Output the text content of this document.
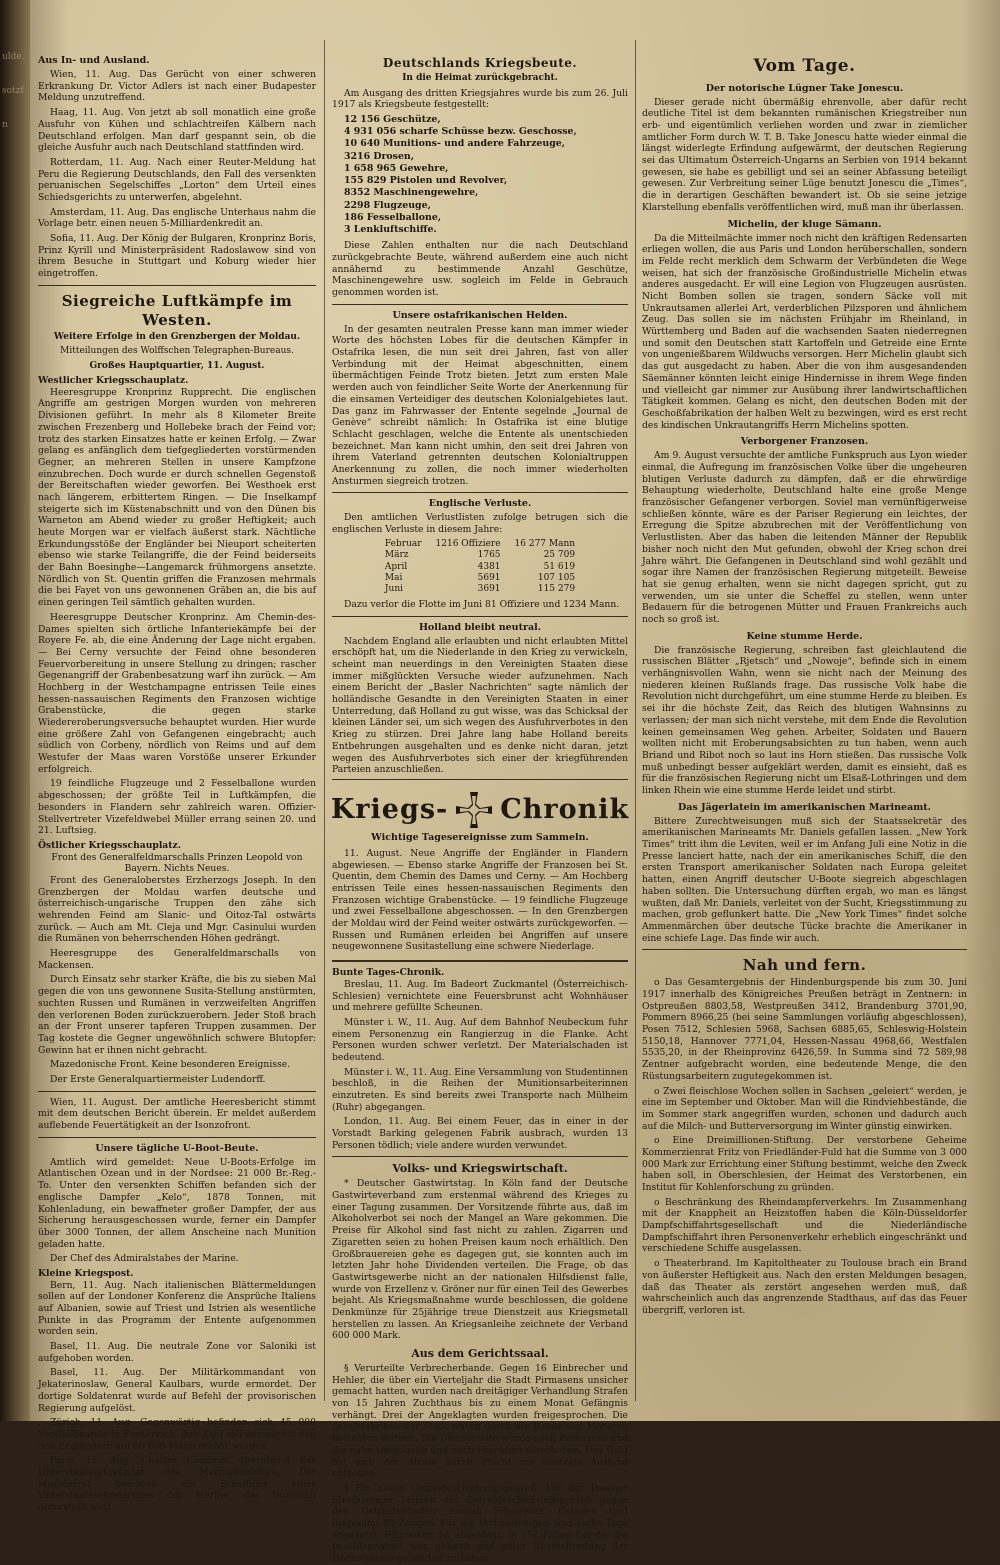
ulde.sotzfn
Aus In- und Ausland.

Wien, 11. Aug. Das Gerücht von einer schweren Erkrankung Dr. Victor Adlers ist nach einer Budapester Meldung unzutreffend.

Haag, 11. Aug. Von jetzt ab soll monatlich eine große Ausfuhr von Kühen und schlachtreifen Kälbern nach Deutschland erfolgen. Man darf gespannt sein, ob die gleiche Ausfuhr auch nach Deutschland stattfinden wird.

Rotterdam, 11. Aug. Nach einer Reuter-Meldung hat Peru die Regierung Deutschlands, den Fall des versenkten peruanischen Segelschiffes „Lorton“ dem Urteil eines Schiedsgerichts zu unterwerfen, abgelehnt.

Amsterdam, 11. Aug. Das englische Unterhaus nahm die Vorlage betr. einen neuen 5-Milliardenkredit an.

Sofia, 11. Aug. Der König der Bulgaren, Kronprinz Boris, Prinz Kyrill und Ministerpräsident Radoslawow sind von ihrem Besuche in Stuttgart und Koburg wieder hier eingetroffen.

Siegreiche Luftkämpfe im Westen.
Weitere Erfolge in den Grenzbergen der Moldau.
Mitteilungen des Wolffschen Telegraphen-Bureaus.
Großes Hauptquartier, 11. August.
Westlicher Kriegsschauplatz.

Heeresgruppe Kronprinz Rupprecht. Die englischen Angriffe am gestrigen Morgen wurden von mehreren Divisionen geführt. In mehr als 8 Kilometer Breite zwischen Frezenberg und Hollebeke brach der Feind vor; trotz des starken Einsatzes hatte er keinen Erfolg. — Zwar gelang es anfänglich dem tiefgegliederten vorstürmenden Gegner, an mehreren Stellen in unsere Kampfzone einzubrechen. Doch wurde er durch schnellen Gegenstoß der Bereitschaften wieder geworfen. Bei Westhoek erst nach längerem, erbittertem Ringen. — Die Inselkampf steigerte sich im Küstenabschnitt und von den Dünen bis Warneton am Abend wieder zu großer Heftigkeit; auch heute Morgen war er vielfach äußerst stark. Nächtliche Erkundungsstöße der Engländer bei Nieuport scheiterten ebenso wie starke Teilangriffe, die der Feind beiderseits der Bahn Boesinghe—Langemarck frühmorgens ansetzte. Nördlich von St. Quentin griffen die Franzosen mehrmals die bei Fayet von uns gewonnenen Gräben an, die bis auf einen geringen Teil sämtlich gehalten wurden.

Heeresgruppe Deutscher Kronprinz. Am Chemin-des-Dames spielten sich örtliche Infanteriekämpfe bei der Royere Fe. ab, die eine Änderung der Lage nicht ergaben. — Bei Cerny versuchte der Feind ohne besonderen Feuervorbereitung in unsere Stellung zu dringen; rascher Gegenangriff der Grabenbesatzung warf ihn zurück. — Am Hochberg in der Westchampagne entrissen Teile eines hessen-nassauischen Regiments den Franzosen wichtige Grabenstücke, die gegen starke Wiedereroberungsversuche behauptet wurden. Hier wurde eine größere Zahl von Gefangenen eingebracht; auch südlich von Corbeny, nördlich von Reims und auf dem Westufer der Maas waren Vorstöße unserer Erkunder erfolgreich.

19 feindliche Flugzeuge und 2 Fesselballone wurden abgeschossen; der größte Teil in Luftkämpfen, die besonders in Flandern sehr zahlreich waren. Offizier-Stellvertreter Vizefeldwebel Müller errang seinen 20. und 21. Luftsieg.

Östlicher Kriegsschauplatz.
Front des Generalfeldmarschalls Prinzen Leopold von Bayern. Nichts Neues.

Front des Generaloberstes Erzherzogs Joseph. In den Grenzbergen der Moldau warfen deutsche und österreichisch-ungarische Truppen den zähe sich wehrenden Feind am Slanic- und Oitoz-Tal ostwärts zurück. — Auch am Mt. Cleja und Mgr. Casinului wurden die Rumänen von beherrschenden Höhen gedrängt.

Heeresgruppe des Generalfeldmarschalls von Mackensen.

Durch Einsatz sehr starker Kräfte, die bis zu sieben Mal gegen die von uns gewonnene Susita-Stellung anstürmten, suchten Russen und Rumänen in verzweifelten Angriffen den verlorenen Boden zurückzuerobern. Jeder Stoß brach an der Front unserer tapferen Truppen zusammen. Der Tag kostete die Gegner ungewöhnlich schwere Blutopfer: Gewinn hat er ihnen nicht gebracht.

Mazedonische Front. Keine besonderen Ereignisse.

Der Erste Generalquartiermeister Ludendorff.

Wien, 11. August. Der amtliche Heeresbericht stimmt mit dem deutschen Bericht überein. Er meldet außerdem auflebende Feuertätigkeit an der Isonzofront.

Unsere tägliche U-Boot-Beute.

Amtlich wird gemeldet: Neue U-Boots-Erfolge im Atlantischen Ozean und in der Nordsee: 21 000 Br.-Reg.-To. Unter den versenkten Schiffen befanden sich der englische Dampfer „Kelo“, 1878 Tonnen, mit Kohlenladung, ein bewaffneter großer Dampfer, der aus Sicherung herausgeschossen wurde, ferner ein Dampfer über 3000 Tonnen, der allem Anscheine nach Munition geladen hatte.

Der Chef des Admiralstabes der Marine.

Kleine Kriegspost.

Bern, 11. Aug. Nach italienischen Blättermeldungen sollen auf der Londoner Konferenz die Ansprüche Italiens auf Albanien, sowie auf Triest und Istrien als wesentliche Punkte in das Programm der Entente aufgenommen worden sein.

Basel, 11. Aug. Die neutrale Zone vor Saloniki ist aufgehoben worden.

Basel, 11. Aug. Der Militärkommandant von Jekaterinoslaw, General Kaulbars, wurde ermordet. Der dortige Soldatenrat wurde auf Befehl der provisorischen Regierung aufgelöst.

Zürich, 11. Aug. Gegenwärtig befinden sich 45 000 Vorsteilbeamte in Frankreich, ihre Zahl soll demnächst von den Engländern auf 60 000 Mann erhöht werden.

Paris, 11. Aug. Charles Chaumet übernimmt das Unterstaatssekretariat des Marineministers. Der Ministerrat beschloß die Schaffung eines Unterstaatssekretariates der Marine, das Dumesnil unterstellt wird.

Deutschlands Kriegsbeute.
In die Heimat zurückgebracht.

Am Ausgang des dritten Kriegsjahres wurde bis zum 26. Juli 1917 als Kriegsbeute festgestellt:

12 156 Geschütze,
4 931 056 scharfe Schüsse bezw. Geschosse,
10 640 Munitions- und andere Fahrzeuge,
3216 Drosen,
1 658 965 Gewehre,
155 829 Pistolen und Revolver,
8352 Maschinengewehre,
2298 Flugzeuge,
186 Fesselballone,
3 Lenkluftschiffe.

Diese Zahlen enthalten nur die nach Deutschland zurückgebrachte Beute, während außerdem eine auch nicht annähernd zu bestimmende Anzahl Geschütze, Maschinengewehre usw. sogleich im Felde in Gebrauch genommen worden ist.

Unsere ostafrikanischen Helden.

In der gesamten neutralen Presse kann man immer wieder Worte des höchsten Lobes für die deutschen Kämpfer in Ostafrika lesen, die nun seit drei Jahren, fast von aller Verbindung mit der Heimat abgeschnitten, einem übermächtigen Feinde Trotz bieten. Jetzt zum ersten Male werden auch von feindlicher Seite Worte der Anerkennung für die einsamen Verteidiger des deutschen Kolonialgebietes laut. Das ganz im Fahrwasser der Entente segelnde „Journal de Genève“ schreibt nämlich: In Ostafrika ist eine blutige Schlacht geschlagen, welche die Entente als unentschieden bezeichnet. Man kann nicht umhin, den seit drei Jahren von ihrem Vaterland getrennten deutschen Kolonialtruppen Anerkennung zu zollen, die noch immer wiederholten Ansturmen siegreich trotzen.

Englische Verluste.

Den amtlichen Verlustlisten zufolge betrugen sich die englischen Verluste in diesem Jahre:

Februar	1216 Offiziere	16 277 Mann
März	1765	25 709
April	4381	51 619
Mai	5691	107 105
Juni	3691	115 279

Dazu verlor die Flotte im Juni 81 Offiziere und 1234 Mann.

Holland bleibt neutral.

Nachdem England alle erlaubten und nicht erlaubten Mittel erschöpft hat, um die Niederlande in den Krieg zu verwickeln, scheint man neuerdings in den Vereinigten Staaten diese immer mißglückten Versuche wieder aufzunehmen. Nach einem Bericht der „Basler Nachrichten“ sagte nämlich der holländische Gesandte in den Vereinigten Staaten in einer Unterredung, daß Holland zu gut wisse, was das Schicksal der kleinen Länder sei, um sich wegen des Ausfuhrverbotes in den Krieg zu stürzen. Drei Jahre lang habe Holland bereits Entbehrungen ausgehalten und es denke nicht daran, jetzt wegen des Ausfuhrverbotes sich einer der kriegführenden Parteien anzuschließen.

Kriegs- Chronik
Wichtige Tagesereignisse zum Sammeln.

11. August. Neue Angriffe der Engländer in Flandern abgewiesen. — Ebenso starke Angriffe der Franzosen bei St. Quentin, dem Chemin des Dames und Cerny. — Am Hochberg entrissen Teile eines hessen-nassauischen Regiments den Franzosen wichtige Grabenstücke. — 19 feindliche Flugzeuge und zwei Fesselballone abgeschossen. — In den Grenzbergen der Moldau wird der Feind weiter ostwärts zurückgeworfen. — Russen und Rumänen erleiden bei Angriffen auf unsere neugewonnene Susitastellung eine schwere Niederlage.

Bunte Tages-Chronik.

Breslau, 11. Aug. Im Badeort Zuckmantel (Österreichisch-Schlesien) vernichtete eine Feuersbrunst acht Wohnhäuser und mehrere gefüllte Scheunen.

Münster i. W., 11. Aug. Auf dem Bahnhof Neubeckum fuhr einem Personenzug ein Rangierzug in die Flanke. Acht Personen wurden schwer verletzt. Der Materialschaden ist bedeutend.

Münster i. W., 11. Aug. Eine Versammlung von Studentinnen beschloß, in die Reihen der Munitionsarbeiterinnen einzutreten. Es sind bereits zwei Transporte nach Mülheim (Ruhr) abgegangen.

London, 11. Aug. Bei einem Feuer, das in einer in der Vorstadt Barking gelegenen Fabrik ausbrach, wurden 13 Personen tödlich; viele andere wurden verwundet.

Volks- und Kriegswirtschaft.

* Deutscher Gastwirtstag. In Köln fand der Deutsche Gastwirteverband zum erstenmal während des Krieges zu einer Tagung zusammen. Der Vorsitzende führte aus, daß im Alkoholverbot sei noch der Mangel an Ware gekommen. Die Preise für Alkohol sind fast nicht zu zahlen. Zigarren und Zigaretten seien zu hohen Preisen kaum noch erhältlich. Den Großbrauereien gehe es dagegen gut, sie konnten auch im letzten Jahr hohe Dividenden verteilen. Die Frage, ob das Gastwirtsgewerbe nicht an der nationalen Hilfsdienst falle, wurde von Erzellenz v. Gröner nur für einen Teil des Gewerbes bejaht. Als Kriegsmaßnahme wurde beschlossen, die goldene Denkmünze für 25jährige treue Dienstzeit aus Kriegsmetall herstellen zu lassen. An Kriegsanleihe zeichnete der Verband 600 000 Mark.

Aus dem Gerichtssaal.

§ Verurteilte Verbrecherbande. Gegen 16 Einbrecher und Hehler, die über ein Vierteljahr die Stadt Pirmasens unsicher gemacht hatten, wurden nach dreitägiger Verhandlung Strafen von 15 Jahren Zuchthaus bis zu einem Monat Gefängnis verhängt. Drei der Angeklagten wurden freigesprochen. Die Schuhfabriken der Stadt waren durch die Bande seit Monaten bestohlen worden. Die Diebesbeute wurde nach Pirmasens und die nahe Umgebung und nach Frankfurt verschoben. Das Geld hat sich der Strafe durch Flucht ins neutrale Ausland entzogen.

§ Ein neuer Getreideschiebungsprozeß. Vor der Posener Strafkammer begann der Getreideschiebungsprozeß gegen den Getreidehändler Roman Filipiewicz. Geladen sind insgesamt 80 Zeugen. Für die Verhandlungen sind sechs Tage angesetzt. Filipiewicz ist angeklagt, in 152 Fällen Gerste, die beschlagnahmt war, gekauft und unter Überschreitung der Höchstpreise gehandelt zu haben.

Vom Tage.
Der notorische Lügner Take Jonescu.

Dieser gerade nicht übermäßig ehrenvolle, aber dafür recht deutliche Titel ist dem bekannten rumänischen Kriegstreiber nun erb- und eigentümlich verliehen worden und zwar in ziemlicher amtlicher Form durch W. T. B. Take Jonescu hatte wieder einmal die längst widerlegte Erfindung aufgewärmt, der deutschen Regierung sei das Ultimatum Österreich-Ungarns an Serbien von 1914 bekannt gewesen, sie habe es gebilligt und sei an seiner Abfassung beteiligt gewesen. Zur Verbreitung seiner Lüge benutzt Jonescu die „Times“, die in derartigen Geschäften bewandert ist. Ob sie seine jetzige Klarstellung ebenfalls veröffentlichen wird, muß man ihr überlassen.

Michelin, der kluge Sämann.

Da die Mitteilmächte immer noch nicht den kräftigen Redensarten erliegen wollen, die aus Paris und London herüberschallen, sondern im Felde recht merklich dem Schwarm der Verbündeten die Wege weisen, hat sich der französische Großindustrielle Michelin etwas anderes ausgedacht. Er will eine Legion von Flugzeugen ausrüsten. Nicht Bomben sollen sie tragen, sondern Säcke voll mit Unkrautsamen allerlei Art, verderblichen Pilzsporen und ähnlichem Zeug. Das sollen sie im nächsten Frühjahr im Rheinland, in Württemberg und Baden auf die wachsenden Saaten niederregnen und somit den Deutschen statt Kartoffeln und Getreide eine Ernte von ungenießbarem Wildwuchs versorgen. Herr Michelin glaubt sich das gut ausgedacht zu haben. Aber die von ihm ausgesandenden Säemänner könnten leicht einige Hindernisse in ihrem Wege finden und vielleicht gar nimmer zur Ausübung ihrer landwirtschaftlichen Tätigkeit kommen. Gelang es nicht, den deutschen Boden mit der Geschoßfabrikation der halben Welt zu bezwingen, wird es erst recht des kindischen Unkrautangriffs Herrn Michelins spotten.

Verborgener Franzosen.

Am 9. August versuchte der amtliche Funkspruch aus Lyon wieder einmal, die Aufregung im französischen Volke über die ungeheuren blutigen Verluste dadurch zu dämpfen, daß er die ehrwürdige Behauptung wiederholte, Deutschland halte eine große Menge französischer Gefangener verborgen. Soviel man vernünftigerweise schließen könnte, wäre es der Pariser Regierung ein leichtes, der Erregung die Spitze abzubrechen mit der Veröffentlichung von Verlustlisten. Aber das haben die leitenden Männer der Republik bisher noch nicht den Mut gefunden, obwohl der Krieg schon drei Jahre währt. Die Gefangenen in Deutschland sind wohl gezählt und sogar ihre Namen der französischen Regierung mitgeteilt. Beweise hat sie genug erhalten, wenn sie nicht dagegen spricht, gut zu verwenden, um sie unter die Scheffel zu stellen, wenn unter Bedauern für die betrogenen Mütter und Frauen Frankreichs auch noch so groß ist.

Keine stumme Herde.

Die französische Regierung, schreiben fast gleichlautend die russischen Blätter „Rjetsch“ und „Nowoje“, befinde sich in einem verhängnisvollen Wahn, wenn sie nicht nach der Meinung des niederen kleinen Rußlands frage. Das russische Volk habe die Revolution nicht durchgeführt, um eine stumme Herde zu bleiben. Es sei ihr die höchste Zeit, das Reich des blutigen Wahnsinns zu verlassen; der man sich nicht verstehe, mit dem Ende die Revolution keinen gemeinsamen Weg gehen. Arbeiter, Soldaten und Bauern wollten nicht mit Eroberungsabsichten zu tun haben, wenn auch Briand und Ribot noch so laut ins Horn stießen. Das russische Volk muß unbedingt besser aufgeklärt werden, damit es einsieht, daß es für die französischen Regierung nicht um Elsaß-Lothringen und dem linken Rhein wie eine stumme Herde leidet und stirbt.

Das Jägerlatein im amerikanischen Marineamt.

Bittere Zurechtweisungen muß sich der Staatssekretär des amerikanischen Marineamts Mr. Daniels gefallen lassen. „New York Times“ tritt ihm die Leviten, weil er im Anfang Juli eine Notiz in die Presse lanciert hatte, nach der ein amerikanisches Schiff, die den ersten Transport amerikanischer Soldaten nach Europa geleitet hatten, einen Angriff deutscher U-Boote siegreich abgeschlagen haben sollten. Die Untersuchung dürften ergab, wo man es längst wußten, daß Mr. Daniels, verleitet von der Sucht, Kriegsstimmung zu machen, grob geflunkert hatte. Die „New York Times“ findet solche Ammenmärchen über deutsche Tücke brachte die Amerikaner in eine schiefe Lage. Das finde wir auch.

Nah und fern.

o Das Gesamtergebnis der Hindenburgspende bis zum 30. Juni 1917 innerhalb des Königreiches Preußen beträgt in Zentnern: in Ostpreußen 8803,58, Westpreußen 3412, Brandenburg 3701,90, Pommern 8966,25 (bei seine Sammlungen vorläufig abgeschlossen), Posen 7512, Schlesien 5968, Sachsen 6885,65, Schleswig-Holstein 5150,18, Hannover 7771,04, Hessen-Nassau 4968,66, Westfalen 5535,20, in der Rheinprovinz 6426,59. In Summa sind 72 589,98 Zentner aufgebracht worden, eine bedeutende Menge, die den Rüstungsarbeitern zugutegekommen ist.

o Zwei fleischlose Wochen sollen in Sachsen „geleiert“ werden, je eine im September und Oktober. Man will die Rindviehbestände, die im Sommer stark angegriffen wurden, schonen und dadurch auch auf die Milch- und Butterversorgung im Winter günstig einwirken.

o Eine Dreimillionen-Stiftung. Der verstorbene Geheime Kommerzienrat Fritz von Friedländer-Fuld hat die Summe von 3 000 000 Mark zur Errichtung einer Stiftung bestimmt, welche den Zweck haben soll, in Oberschlesien, der Heimat des Verstorbenen, ein Institut für Kohlenforschung zu gründen.

o Beschränkung des Rheindampferverkehrs. Im Zusammenhang mit der Knappheit an Heizstoffen haben die Köln-Düsseldorfer Dampfschiffahrtsgesellschaft und die Niederländische Dampfschiffahrt ihren Personenverkehr erheblich eingeschränkt und verschiedene Schiffe ausgelassen.

o Theaterbrand. Im Kapitoltheater zu Toulouse brach ein Brand von äußerster Heftigkeit aus. Nach den ersten Meldungen besagen, daß das Theater als zerstört angesehen werden muß, daß wahrscheinlich auch das angrenzende Stadthaus, auf das das Feuer übergriff, verloren ist.
